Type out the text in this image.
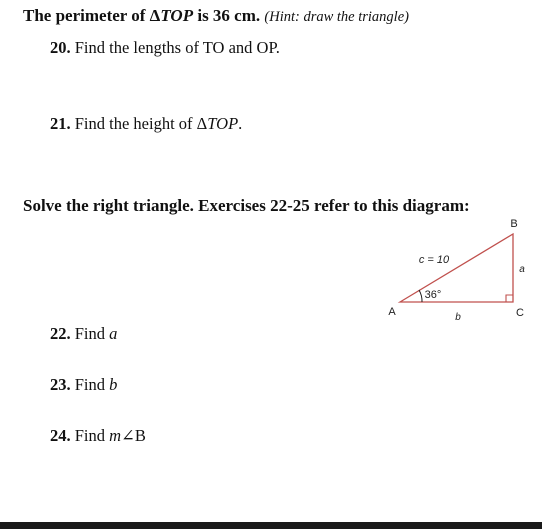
The perimeter of ΔTOP is 36 cm. (Hint: draw the triangle)
20. Find the lengths of TO and OP.
21. Find the height of ΔTOP.
Solve the right triangle. Exercises 22-25 refer to this diagram:
B
A	C
c = 10
a
b
36°
22. Find a
23. Find b
24. Find m∠B
